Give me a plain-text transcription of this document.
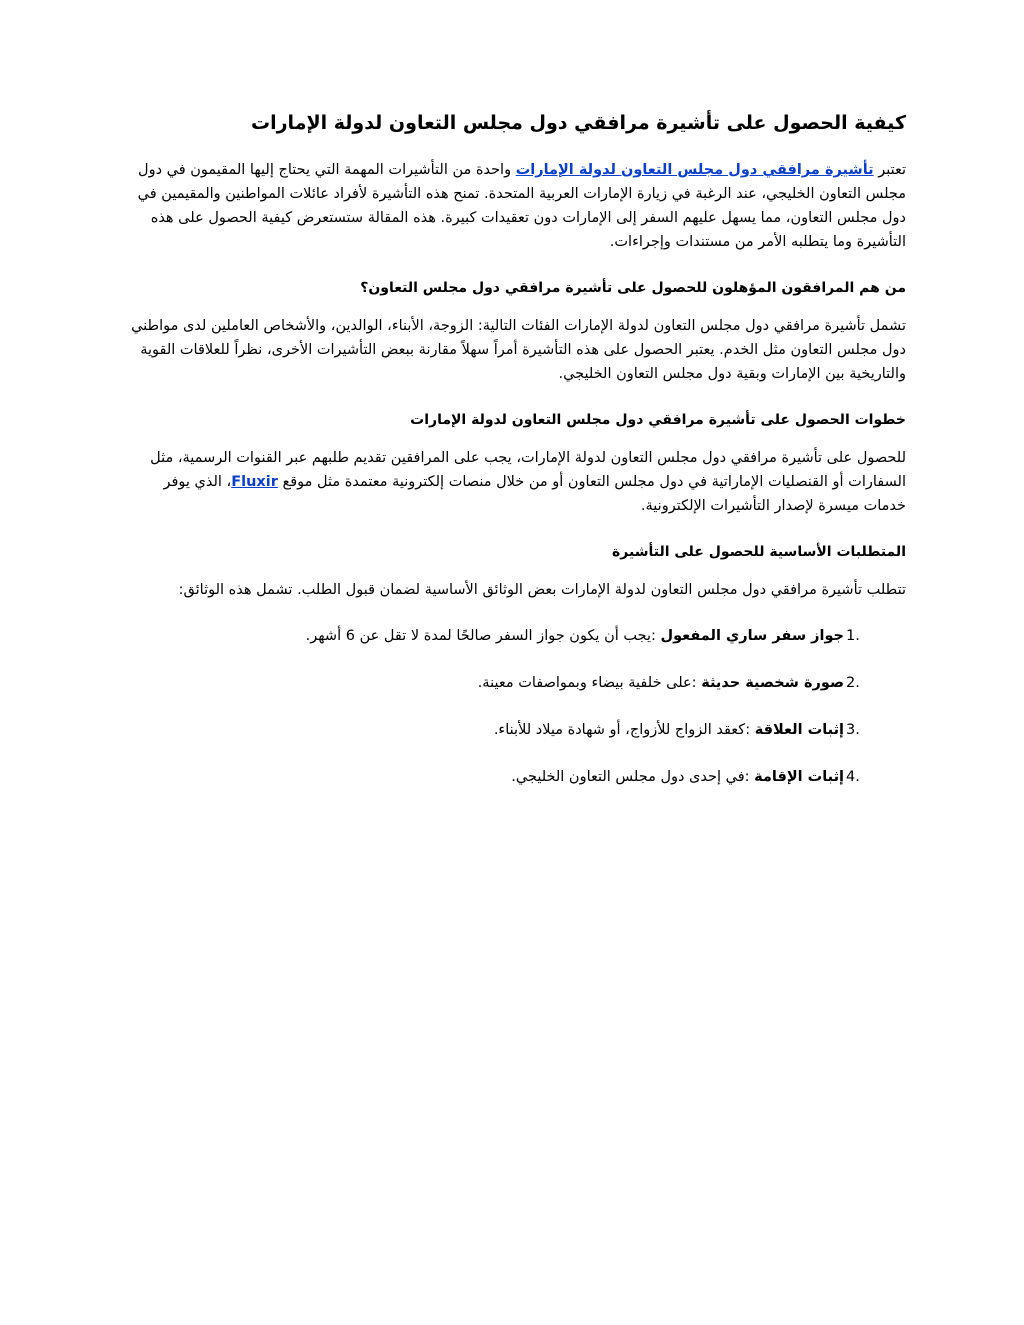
كيفية الحصول على تأشيرة مرافقي دول مجلس التعاون لدولة الإمارات

تعتبر تأشيرة مرافقي دول مجلس التعاون لدولة الإمارات واحدة من التأشيرات المهمة التي يحتاج إليها المقيمون في دول مجلس التعاون الخليجي، عند الرغبة في زيارة الإمارات العربية المتحدة. تمنح هذه التأشيرة لأفراد عائلات المواطنين والمقيمين في دول مجلس التعاون، مما يسهل عليهم السفر إلى الإمارات دون تعقيدات كبيرة. هذه المقالة ستستعرض كيفية الحصول على هذه التأشيرة وما يتطلبه الأمر من مستندات وإجراءات.

من هم المرافقون المؤهلون للحصول على تأشيرة مرافقي دول مجلس التعاون؟

تشمل تأشيرة مرافقي دول مجلس التعاون لدولة الإمارات الفئات التالية: الزوجة، الأبناء، الوالدين، والأشخاص العاملين لدى مواطني دول مجلس التعاون مثل الخدم. يعتبر الحصول على هذه التأشيرة أمراً سهلاً مقارنة ببعض التأشيرات الأخرى، نظراً للعلاقات القوية والتاريخية بين الإمارات وبقية دول مجلس التعاون الخليجي.

خطوات الحصول على تأشيرة مرافقي دول مجلس التعاون لدولة الإمارات

للحصول على تأشيرة مرافقي دول مجلس التعاون لدولة الإمارات، يجب على المرافقين تقديم طلبهم عبر القنوات الرسمية، مثل السفارات أو القنصليات الإماراتية في دول مجلس التعاون أو من خلال منصات إلكترونية معتمدة مثل موقع Fluxir، الذي يوفر خدمات ميسرة لإصدار التأشيرات الإلكترونية.

المتطلبات الأساسية للحصول على التأشيرة

تتطلب تأشيرة مرافقي دول مجلس التعاون لدولة الإمارات بعض الوثائق الأساسية لضمان قبول الطلب. تشمل هذه الوثائق:

1.
جواز سفر ساري المفعول :يجب أن يكون جواز السفر صالحًا لمدة لا تقل عن 6 أشهر.
2.
صورة شخصية حديثة :على خلفية بيضاء وبمواصفات معينة.
3.
إثبات العلاقة :كعقد الزواج للأزواج، أو شهادة ميلاد للأبناء.
4.
إثبات الإقامة :في إحدى دول مجلس التعاون الخليجي.
